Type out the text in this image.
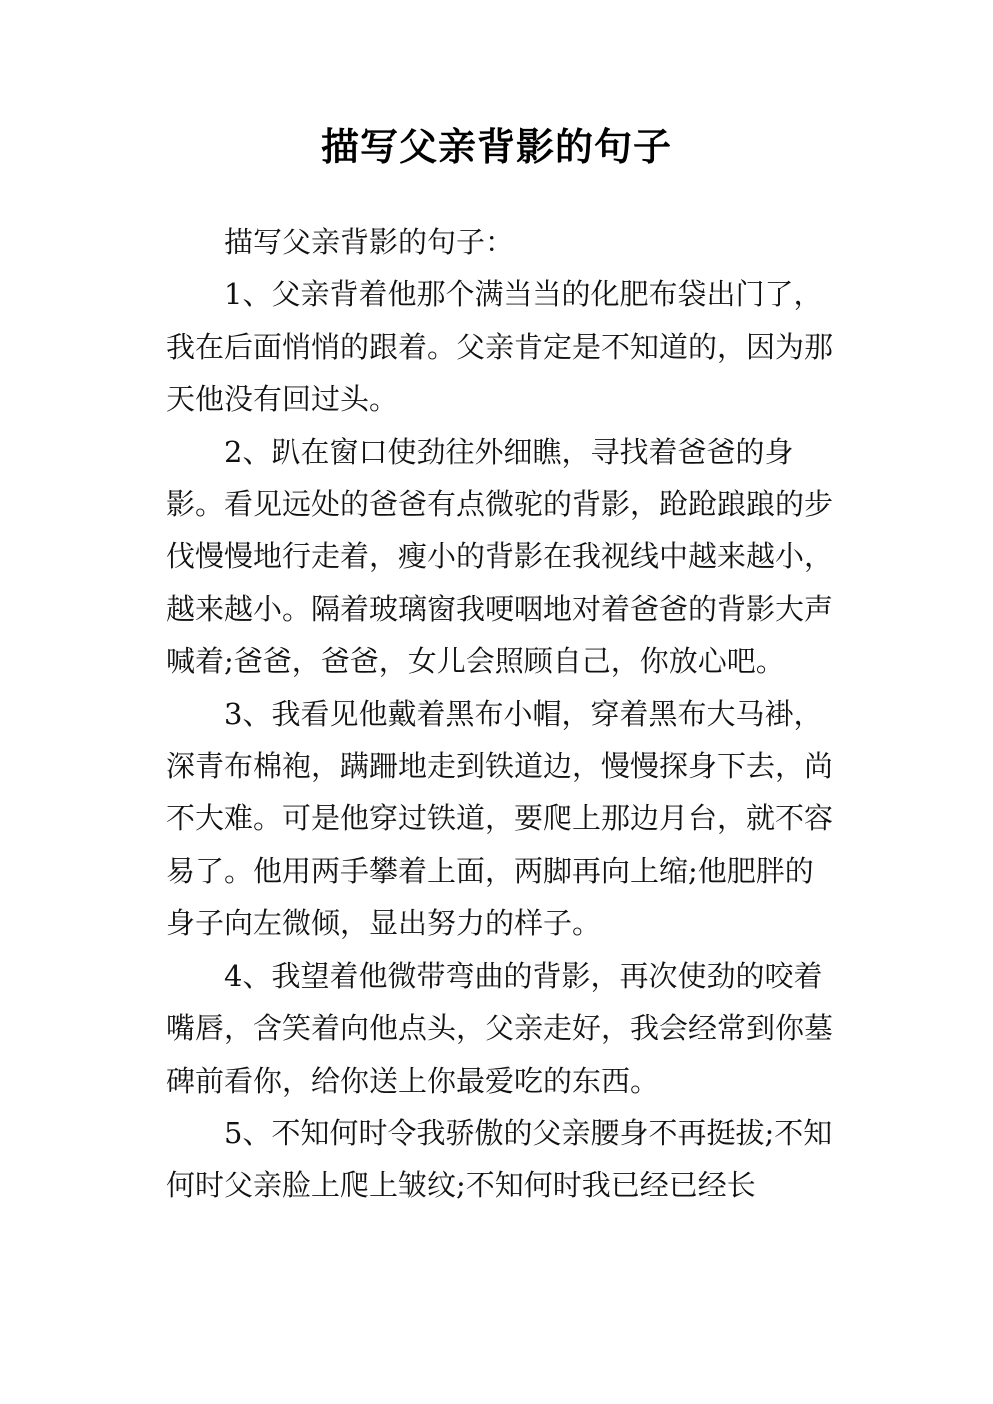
描写父亲背影的句子

描写父亲背影的句子：

1、父亲背着他那个满当当的化肥布袋出门了，我在后面悄悄的跟着。父亲肯定是不知道的，因为那天他没有回过头。

2、趴在窗口使劲往外细瞧，寻找着爸爸的身影。看见远处的爸爸有点微驼的背影，跄跄踉踉的步伐慢慢地行走着，瘦小的背影在我视线中越来越小，越来越小。隔着玻璃窗我哽咽地对着爸爸的背影大声喊着;爸爸，爸爸，女儿会照顾自己，你放心吧。

3、我看见他戴着黑布小帽，穿着黑布大马褂，深青布棉袍，蹒跚地走到铁道边，慢慢探身下去，尚不大难。可是他穿过铁道，要爬上那边月台，就不容易了。他用两手攀着上面，两脚再向上缩;他肥胖的身子向左微倾，显出努力的样子。

4、我望着他微带弯曲的背影，再次使劲的咬着嘴唇，含笑着向他点头，父亲走好，我会经常到你墓碑前看你，给你送上你最爱吃的东西。

5、不知何时令我骄傲的父亲腰身不再挺拔;不知何时父亲脸上爬上皱纹;不知何时我已经已经长
